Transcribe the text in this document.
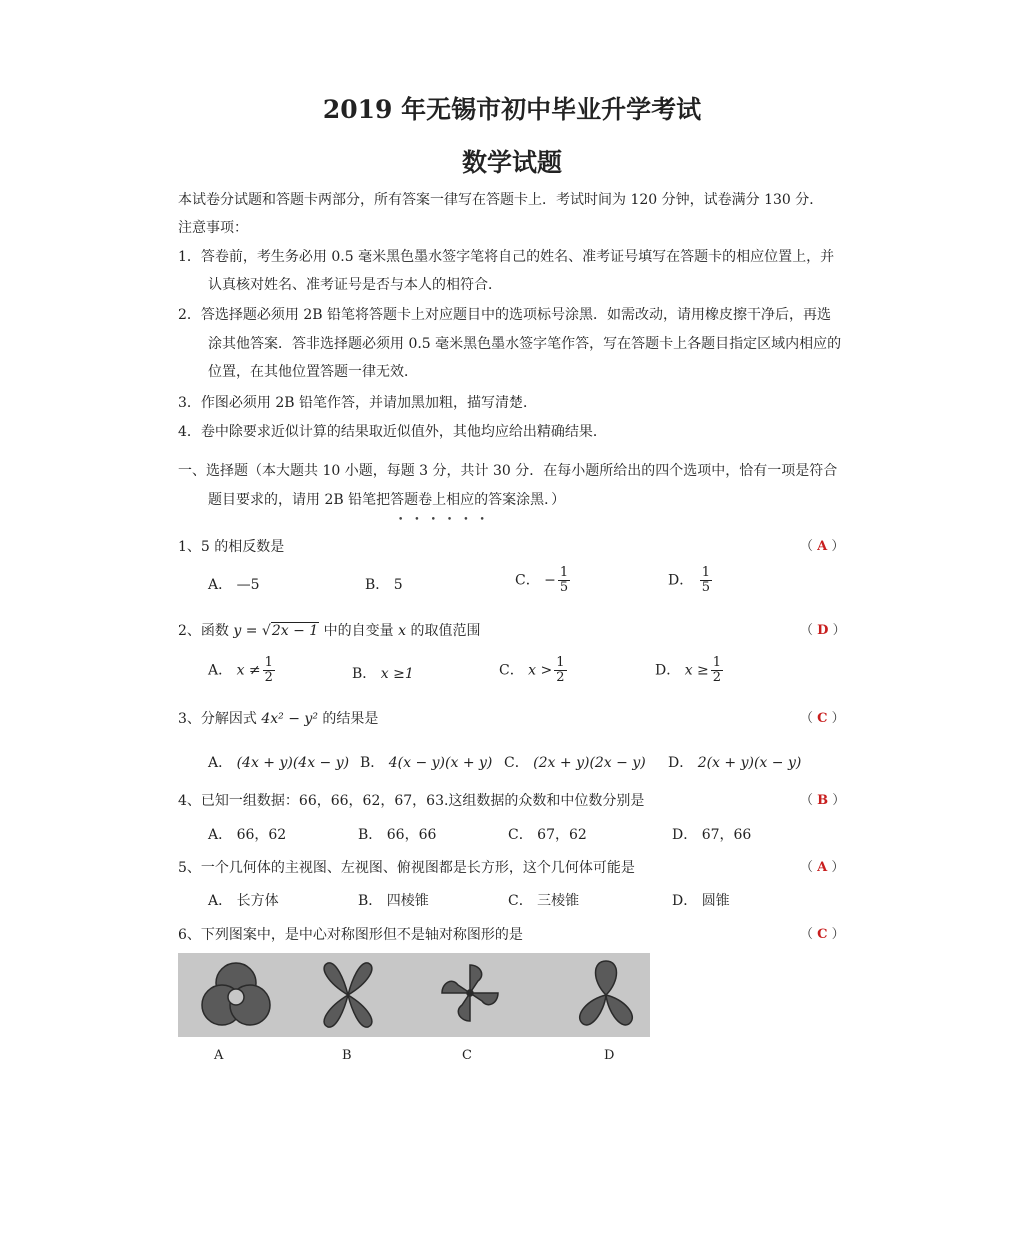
2019 年无锡市初中毕业升学考试
数学试题
本试卷分试题和答题卡两部分，所有答案一律写在答题卡上．考试时间为 120 分钟，试卷满分 130 分．
注意事项：
1．答卷前，考生务必用 0.5 毫米黑色墨水签字笔将自己的姓名、准考证号填写在答题卡的相应位置上，并
认真核对姓名、准考证号是否与本人的相符合．
2．答选择题必须用 2B 铅笔将答题卡上对应题目中的选项标号涂黑．如需改动，请用橡皮擦干净后，再选
涂其他答案．答非选择题必须用 0.5 毫米黑色墨水签字笔作答，写在答题卡上各题目指定区域内相应的
位置，在其他位置答题一律无效．
3．作图必须用 2B 铅笔作答，并请加黑加粗，描写清楚．
4．卷中除要求近似计算的结果取近似值外，其他均应给出精确结果．
一、选择题（本大题共 10 小题，每题 3 分，共计 30 分．在每小题所给出的四个选项中，恰有一项是符合
题目要求的，请用 2B 铅笔把答题卷上相应的答案涂黑．）
••••••
1、5 的相反数是	（ A ）
A． —5	B． 5	C． − $\frac{1}{5}$	D． $\frac{1}{5}$
2、函数 y = √2x − 1 中的自变量 x 的取值范围	（ D ）
A． $x \ne \frac{1}{2}$	B． x ≥1	C． $x > \frac{1}{2}$	D． $x \ge \frac{1}{2}$
3、分解因式 4x² − y² 的结果是	（ C ）
A． (4x + y)(4x − y) B． 4(x − y)(x + y) C． (2x + y)(2x − y) D． 2(x + y)(x − y)
4、已知一组数据：66，66，62，67，63.这组数据的众数和中位数分别是	（ B ）
A． 66，62	B． 66，66	C． 67，62	D． 67，66
5、一个几何体的主视图、左视图、俯视图都是长方形，这个几何体可能是	（ A ）
A． 长方体	B． 四棱锥	C． 三棱锥	D． 圆锥
6、下列图案中，是中心对称图形但不是轴对称图形的是	（ C ）
A	B	C	D
